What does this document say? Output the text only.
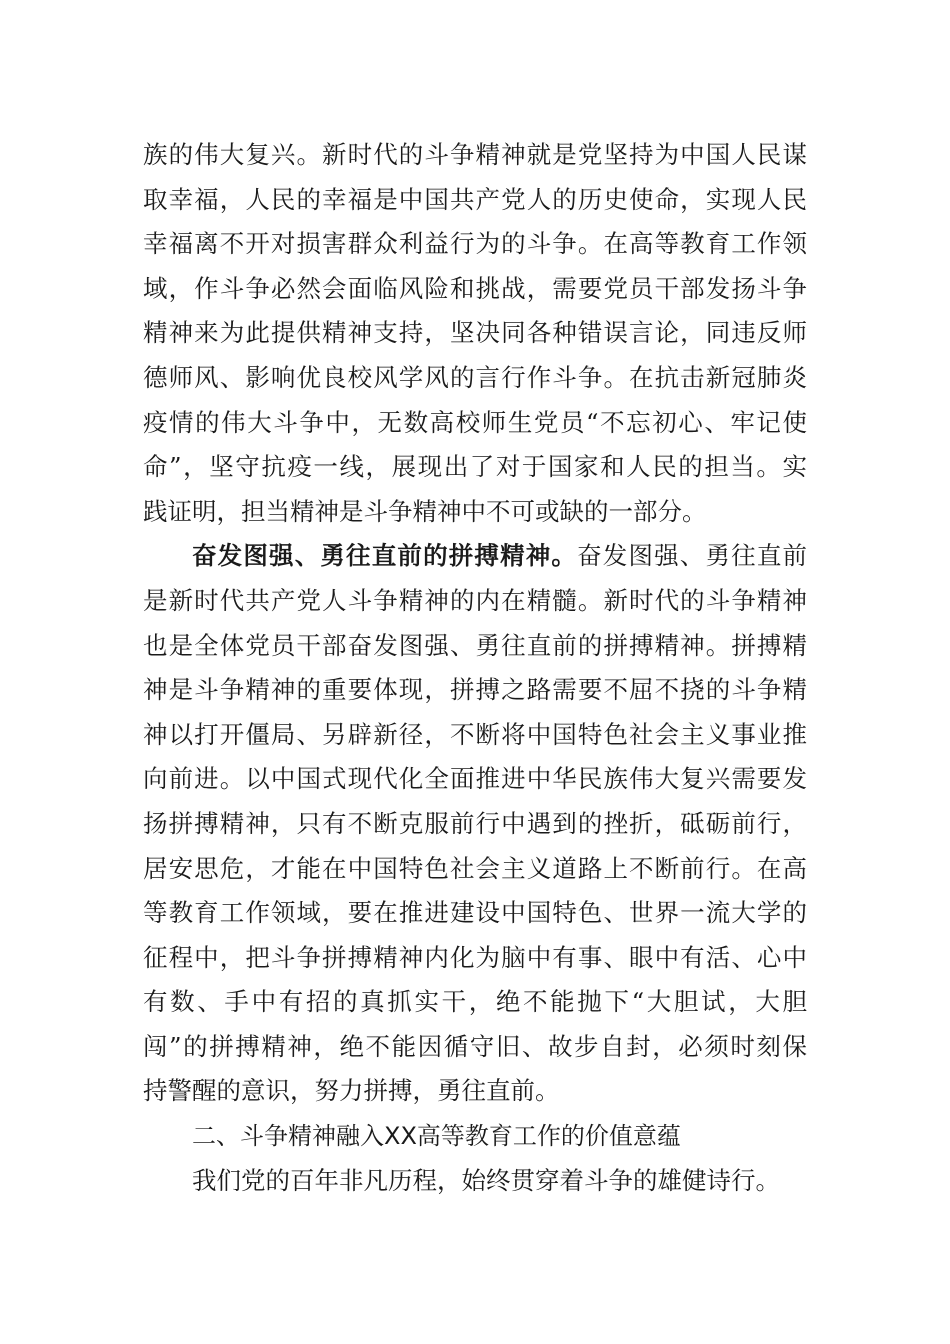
族的伟大复兴。新时代的斗争精神就是党坚持为中国人民谋
取幸福，人民的幸福是中国共产党人的历史使命，实现人民
幸福离不开对损害群众利益行为的斗争。在高等教育工作领
域，作斗争必然会面临风险和挑战，需要党员干部发扬斗争
精神来为此提供精神支持，坚决同各种错误言论，同违反师
德师风、影响优良校风学风的言行作斗争。在抗击新冠肺炎
疫情的伟大斗争中，无数高校师生党员“不忘初心、牢记使
命”，坚守抗疫一线，展现出了对于国家和人民的担当。实
践证明，担当精神是斗争精神中不可或缺的一部分。
奋发图强、勇往直前的拼搏精神。奋发图强、勇往直前
是新时代共产党人斗争精神的内在精髓。新时代的斗争精神
也是全体党员干部奋发图强、勇往直前的拼搏精神。拼搏精
神是斗争精神的重要体现，拼搏之路需要不屈不挠的斗争精
神以打开僵局、另辟新径，不断将中国特色社会主义事业推
向前进。以中国式现代化全面推进中华民族伟大复兴需要发
扬拼搏精神，只有不断克服前行中遇到的挫折，砥砺前行，
居安思危，才能在中国特色社会主义道路上不断前行。在高
等教育工作领域，要在推进建设中国特色、世界一流大学的
征程中，把斗争拼搏精神内化为脑中有事、眼中有活、心中
有数、手中有招的真抓实干，绝不能抛下“大胆试，大胆
闯”的拼搏精神，绝不能因循守旧、故步自封，必须时刻保
持警醒的意识，努力拼搏，勇往直前。
二、斗争精神融入XX高等教育工作的价值意蕴
我们党的百年非凡历程，始终贯穿着斗争的雄健诗行。
